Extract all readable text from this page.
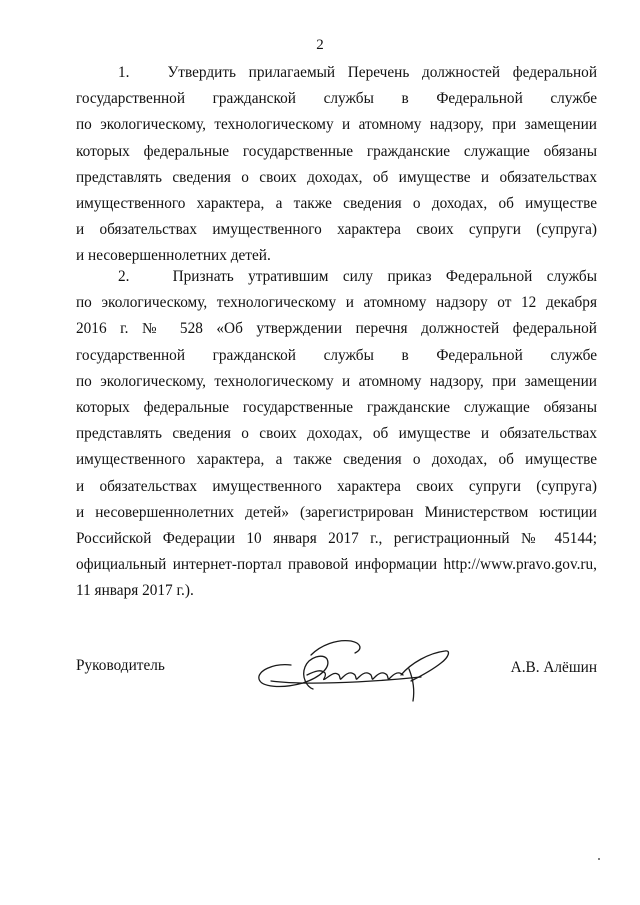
2
1.   Утвердить прилагаемый Перечень должностей федеральной
государственной гражданской службы в Федеральной службе
по экологическому, технологическому и атомному надзору, при замещении
которых федеральные государственные гражданские служащие обязаны
представлять сведения о своих доходах, об имуществе и обязательствах
имущественного характера, а также сведения о доходах, об имуществе
и обязательствах имущественного характера своих супруги (супруга)
и несовершеннолетних детей.
2.   Признать утратившим силу приказ Федеральной службы
по экологическому, технологическому и атомному надзору от 12 декабря
2016 г. № 528 «Об утверждении перечня должностей федеральной
государственной гражданской службы в Федеральной службе
по экологическому, технологическому и атомному надзору, при замещении
которых федеральные государственные гражданские служащие обязаны
представлять сведения о своих доходах, об имуществе и обязательствах
имущественного характера, а также сведения о доходах, об имуществе
и обязательствах имущественного характера своих супруги (супруга)
и несовершеннолетних детей» (зарегистрирован Министерством юстиции
Российской Федерации 10 января 2017 г., регистрационный № 45144;
официальный интернет-портал правовой информации http://www.pravo.gov.ru,
11 января 2017 г.).
Руководитель	А.В. Алёшин
